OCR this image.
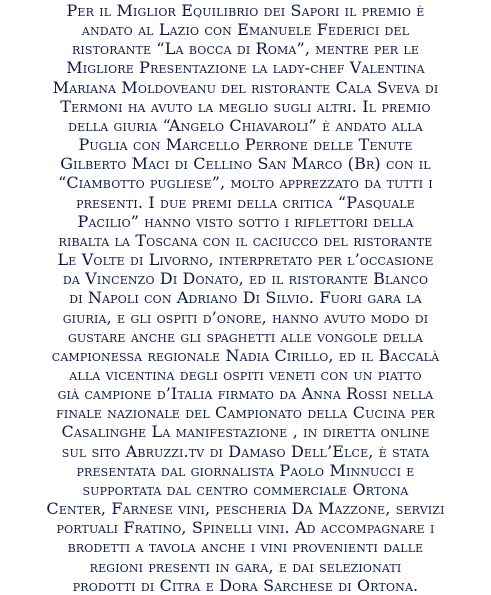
Per il Miglior Equilibrio dei Sapori il premio è
andato al Lazio con Emanuele Federici del
ristorante “La bocca di Roma”, mentre per le
Migliore Presentazione la lady-chef Valentina
Mariana Moldoveanu del ristorante Cala Sveva di
Termoni ha avuto la meglio sugli altri. Il premio
della giuria “Angelo Chiavaroli” è andato alla
Puglia con Marcello Perrone delle Tenute
Gilberto Maci di Cellino San Marco (Br) con il
“Ciambotto pugliese”, molto apprezzato da tutti i
presenti. I due premi della critica “Pasquale
Pacilio” hanno visto sotto i riflettori della
ribalta la Toscana con il caciucco del ristorante
Le Volte di Livorno, interpretato per l’occasione
da Vincenzo Di Donato, ed il ristorante Blanco
di Napoli con Adriano Di Silvio. Fuori gara la
giuria, e gli ospiti d’onore, hanno avuto modo di
gustare anche gli spaghetti alle vongole della
campionessa regionale Nadia Cirillo, ed il Baccalà
alla vicentina degli ospiti veneti con un piatto
già campione d’Italia firmato da Anna Rossi nella
finale nazionale del Campionato della Cucina per
Casalinghe La manifestazione , in diretta online
sul sito Abruzzi.tv di Damaso Dell’Elce, è stata
presentata dal giornalista Paolo Minnucci e
supportata dal centro commerciale Ortona
Center, Farnese vini, pescheria Da Mazzone, servizi
portuali Fratino, Spinelli vini. Ad accompagnare i
brodetti a tavola anche i vini provenienti dalle
regioni presenti in gara, e dai selezionati
prodotti di Citra e Dora Sarchese di Ortona.
